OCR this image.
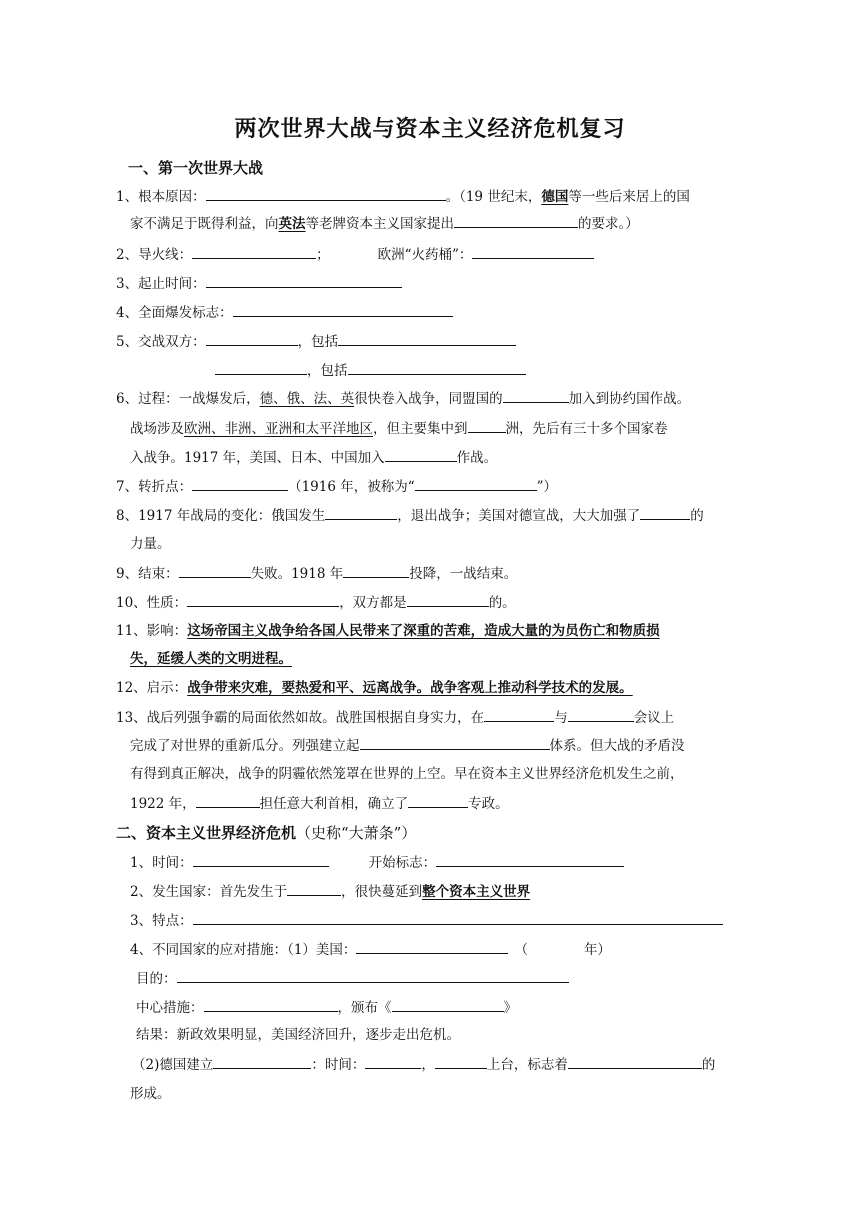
两次世界大战与资本主义经济危机复习
一、第一次世界大战
1、根本原因：	。（19 世纪末，德国等一些后来居上的国
家不满足于既得利益，向英法等老牌资本主义国家提出	的要求。）
2、导火线：	；	欧洲“火药桶”：
3、起止时间：
4、全面爆发标志：
5、交战双方：	，包括
，包括
6、过程：一战爆发后，德、俄、法、英很快卷入战争，同盟国的	加入到协约国作战。
战场涉及欧洲、非洲、亚洲和太平洋地区，但主要集中到	洲，先后有三十多个国家卷
入战争。1917 年，美国、日本、中国加入	作战。
7、转折点：	（1916 年，被称为“	”）
8、1917 年战局的变化：俄国发生	，退出战争；美国对德宣战，大大加强了	的
力量。
9、结束：	失败。1918 年	投降，一战结束。
10、性质：	，双方都是	的。
11、影响：这场帝国主义战争给各国人民带来了深重的苦难，造成大量的为员伤亡和物质损
失，延缓人类的文明进程。
12、启示：战争带来灾难，要热爱和平、远离战争。战争客观上推动科学技术的发展。
13、战后列强争霸的局面依然如故。战胜国根据自身实力，在	与	会议上
完成了对世界的重新瓜分。列强建立起	体系。但大战的矛盾没
有得到真正解决，战争的阴霾依然笼罩在世界的上空。早在资本主义世界经济危机发生之前，
1922 年，	担任意大利首相，确立了	专政。
二、资本主义世界经济危机（史称“大萧条”）
1、时间：	开始标志：
2、发生国家：首先发生于	，很快蔓延到整个资本主义世界
3、特点：
4、不同国家的应对措施：（1）美国：	（	年）
目的：
中心措施：	，颁布《	》
结果：新政效果明显，美国经济回升，逐步走出危机。
（2)德国建立	：时间：	，	上台，标志着	的
形成。
